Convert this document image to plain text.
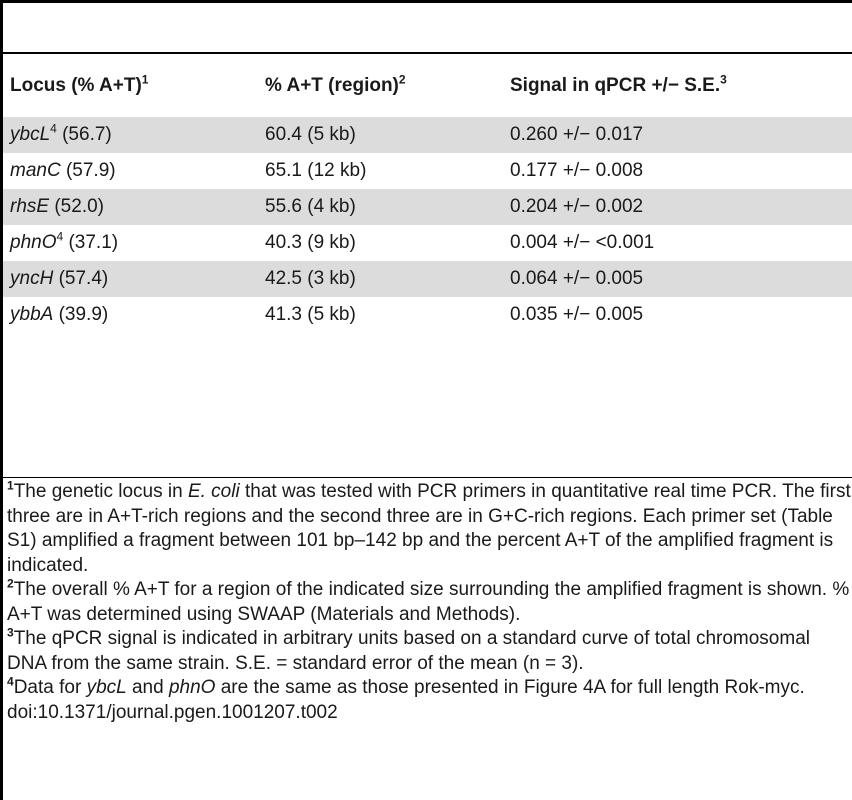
Locus (% A+T)$^1$	% A+T (region)$^2$	Signal in qPCR +/− S.E.$^3$
ybcL$^4$ (56.7)	60.4 (5 kb)	0.260 +/− 0.017
manC (57.9)	65.1 (12 kb)	0.177 +/− 0.008
rhsE (52.0)	55.6 (4 kb)	0.204 +/− 0.002
phnO$^4$ (37.1)	40.3 (9 kb)	0.004 +/− <0.001
yncH (57.4)	42.5 (3 kb)	0.064 +/− 0.005
ybbA (39.9)	41.3 (5 kb)	0.035 +/− 0.005

$^1$The genetic locus in E. coli that was tested with PCR primers in quantitative real time PCR. The first three are in A+T-rich regions and the second three are in G+C-rich regions. Each primer set (Table S1) amplified a fragment between 101 bp–142 bp and the percent A+T of the amplified fragment is indicated.

$^2$The overall % A+T for a region of the indicated size surrounding the amplified fragment is shown. % A+T was determined using SWAAP (Materials and Methods).

$^3$The qPCR signal is indicated in arbitrary units based on a standard curve of total chromosomal DNA from the same strain. S.E. = standard error of the mean (n = 3).

$^4$Data for ybcL and phnO are the same as those presented in Figure 4A for full length Rok-myc.

doi:10.1371/journal.pgen.1001207.t002
